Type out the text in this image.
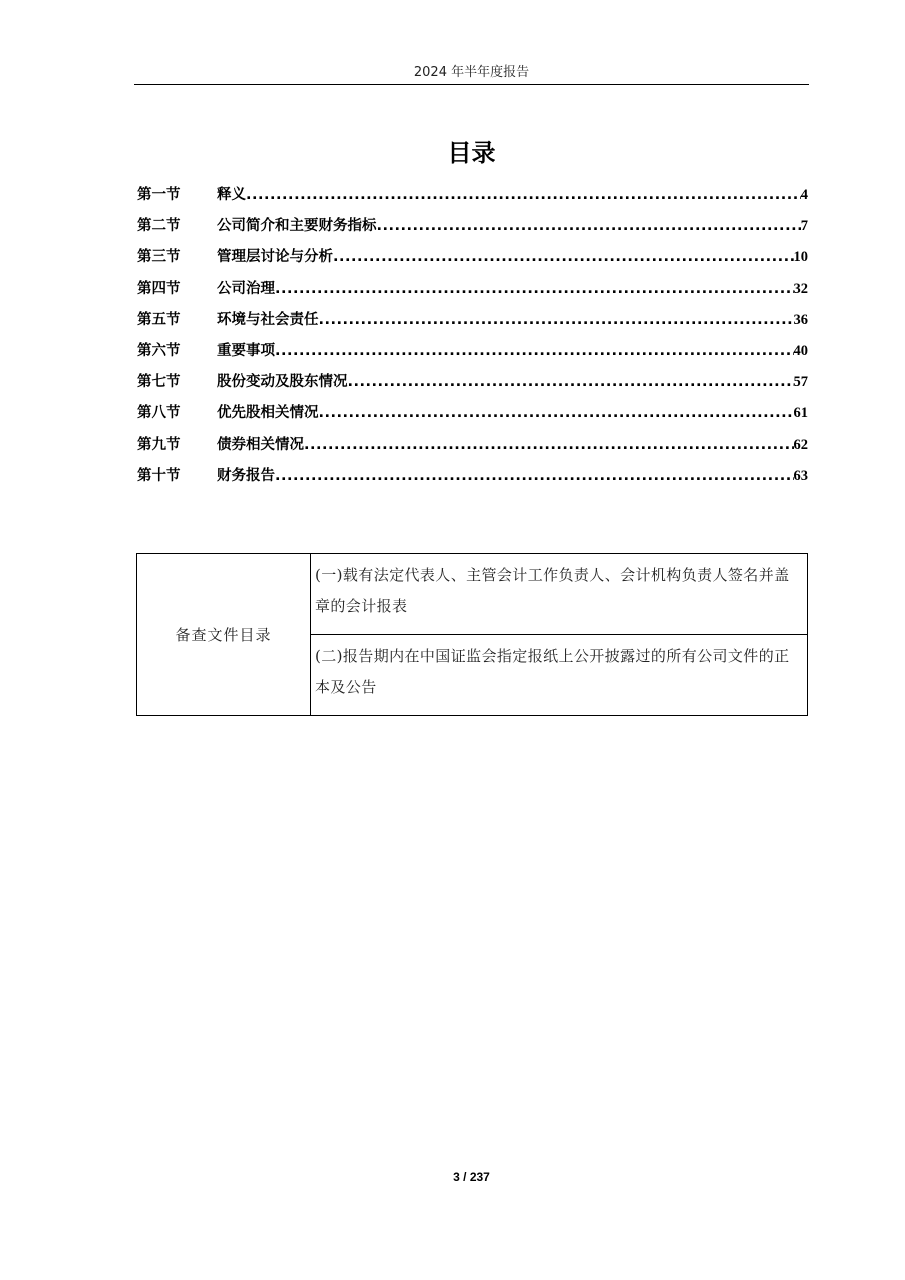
2024 年半年度报告
目录
第一节	释义 .....	4
第二节	公司简介和主要财务指标 .....	7
第三节	管理层讨论与分析 .....	10
第四节	公司治理 .....	32
第五节	环境与社会责任 .....	36
第六节	重要事项 .....	40
第七节	股份变动及股东情况 .....	57
第八节	优先股相关情况 .....	61
第九节	债券相关情况 .....	62
第十节	财务报告 .....	63
备查文件目录	(一)载有法定代表人、主管会计工作负责人、会计机构负责人签名并盖章的会计报表
(二)报告期内在中国证监会指定报纸上公开披露过的所有公司文件的正本及公告
3 / 237
